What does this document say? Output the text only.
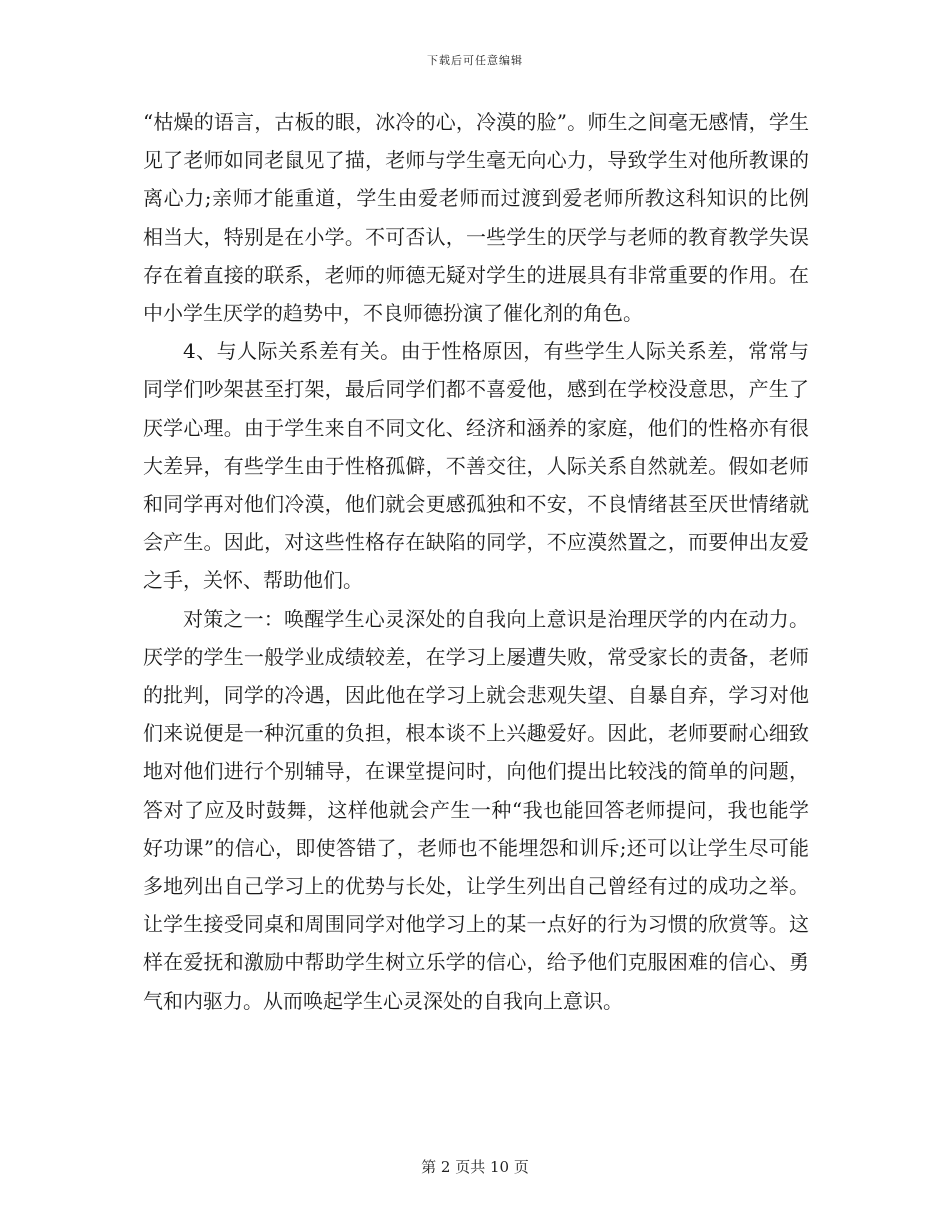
下载后可任意编辑

“枯燥的语言，古板的眼，冰冷的心，冷漠的脸”。师生之间毫无感情，学生见了老师如同老鼠见了描，老师与学生毫无向心力，导致学生对他所教课的离心力;亲师才能重道，学生由爱老师而过渡到爱老师所教这科知识的比例相当大，特别是在小学。不可否认，一些学生的厌学与老师的教育教学失误存在着直接的联系，老师的师德无疑对学生的进展具有非常重要的作用。在中小学生厌学的趋势中，不良师德扮演了催化剂的角色。

4、与人际关系差有关。由于性格原因，有些学生人际关系差，常常与同学们吵架甚至打架，最后同学们都不喜爱他，感到在学校没意思，产生了厌学心理。由于学生来自不同文化、经济和涵养的家庭，他们的性格亦有很大差异，有些学生由于性格孤僻，不善交往，人际关系自然就差。假如老师和同学再对他们冷漠，他们就会更感孤独和不安，不良情绪甚至厌世情绪就会产生。因此，对这些性格存在缺陷的同学，不应漠然置之，而要伸出友爱之手，关怀、帮助他们。

对策之一：唤醒学生心灵深处的自我向上意识是治理厌学的内在动力。厌学的学生一般学业成绩较差，在学习上屡遭失败，常受家长的责备，老师的批判，同学的冷遇，因此他在学习上就会悲观失望、自暴自弃，学习对他们来说便是一种沉重的负担，根本谈不上兴趣爱好。因此，老师要耐心细致地对他们进行个别辅导，在课堂提问时，向他们提出比较浅的简单的问题，答对了应及时鼓舞，这样他就会产生一种“我也能回答老师提问，我也能学好功课”的信心，即使答错了，老师也不能埋怨和训斥;还可以让学生尽可能多地列出自己学习上的优势与长处，让学生列出自己曾经有过的成功之举。让学生接受同桌和周围同学对他学习上的某一点好的行为习惯的欣赏等。这样在爱抚和激励中帮助学生树立乐学的信心，给予他们克服困难的信心、勇气和内驱力。从而唤起学生心灵深处的自我向上意识。

第 2 页共 10 页
